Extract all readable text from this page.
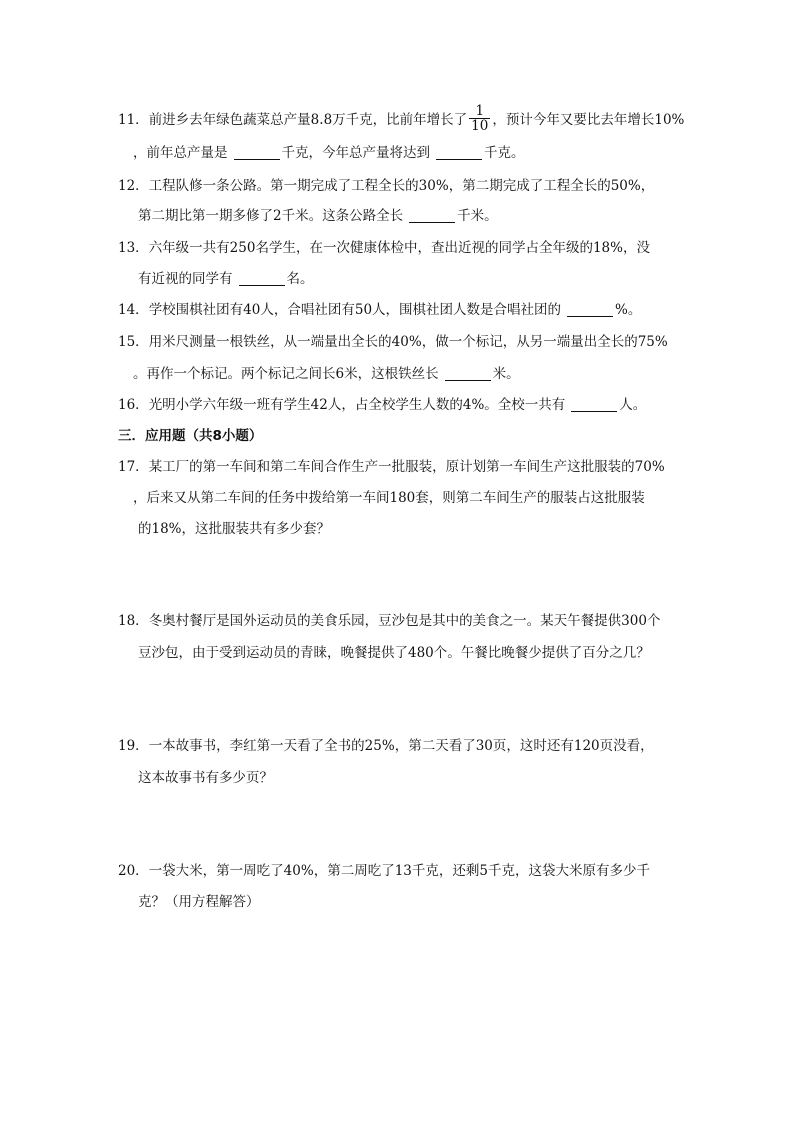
11．前进乡去年绿色蔬菜总产量8.8万千克，比前年增长了 $\frac{1}{10}$ ，预计今年又要比去年增长10%
，前年总产量是	千克，今年总产量将达到	千克。
12．工程队修一条公路。第一期完成了工程全长的30%，第二期完成了工程全长的50%，
第二期比第一期多修了2千米。这条公路全长	千米。
13．六年级一共有250名学生，在一次健康体检中，查出近视的同学占全年级的18%，没
有近视的同学有	名。
14．学校围棋社团有40人，合唱社团有50人，围棋社团人数是合唱社团的	%。
15．用米尺测量一根铁丝，从一端量出全长的40%，做一个标记，从另一端量出全长的75%
。再作一个标记。两个标记之间长6米，这根铁丝长	米。
16．光明小学六年级一班有学生42人，占全校学生人数的4%。全校一共有	人。
三．应用题（共8小题）
17．某工厂的第一车间和第二车间合作生产一批服装，原计划第一车间生产这批服装的70%
，后来又从第二车间的任务中拨给第一车间180套，则第二车间生产的服装占这批服装
的18%，这批服装共有多少套？
18．冬奥村餐厅是国外运动员的美食乐园，豆沙包是其中的美食之一。某天午餐提供300个
豆沙包，由于受到运动员的青睐，晚餐提供了480个。午餐比晚餐少提供了百分之几？
19．一本故事书，李红第一天看了全书的25%，第二天看了30页，这时还有120页没看，
这本故事书有多少页？
20．一袋大米，第一周吃了40%，第二周吃了13千克，还剩5千克，这袋大米原有多少千
克？（用方程解答）
